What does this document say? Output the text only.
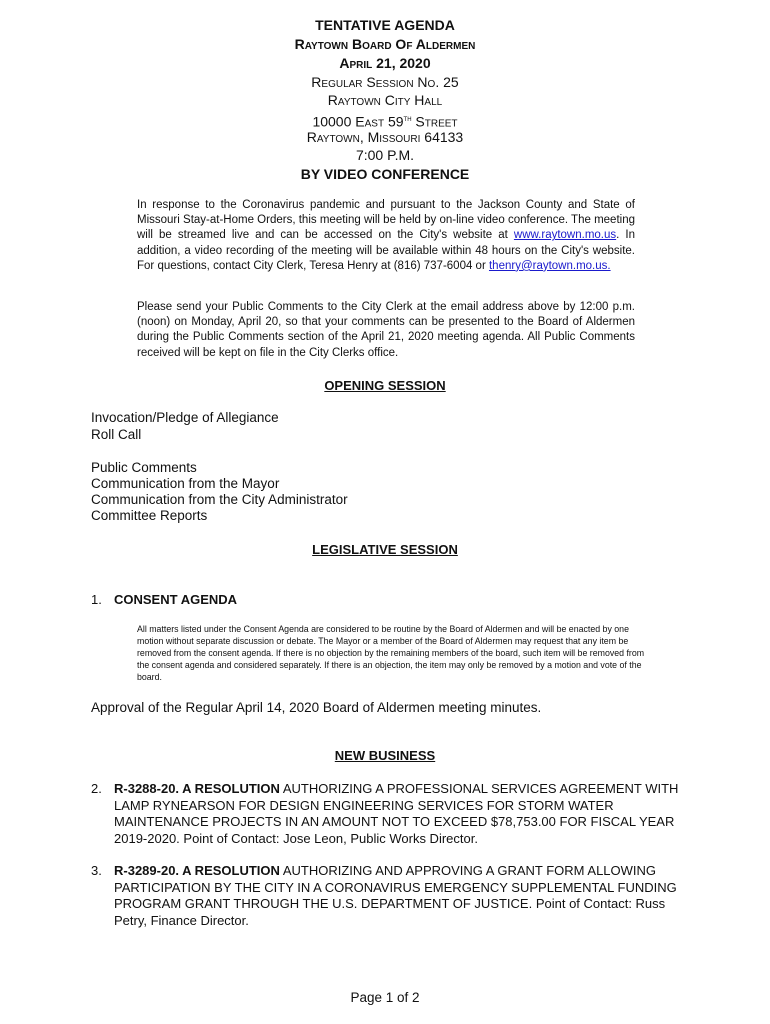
TENTATIVE AGENDA
Raytown Board Of Aldermen
April 21, 2020
Regular Session No. 25
Raytown City Hall
10000 East 59th Street
Raytown, Missouri 64133
7:00 P.M.
BY VIDEO CONFERENCE
In response to the Coronavirus pandemic and pursuant to the Jackson County and State of Missouri Stay-at-Home Orders, this meeting will be held by on-line video conference. The meeting will be streamed live and can be accessed on the City's website at www.raytown.mo.us. In addition, a video recording of the meeting will be available within 48 hours on the City's website. For questions, contact City Clerk, Teresa Henry at (816) 737-6004 or thenry@raytown.mo.us.
Please send your Public Comments to the City Clerk at the email address above by 12:00 p.m. (noon) on Monday, April 20, so that your comments can be presented to the Board of Aldermen during the Public Comments section of the April 21, 2020 meeting agenda. All Public Comments received will be kept on file in the City Clerks office.
OPENING SESSION
Invocation/Pledge of Allegiance
Roll Call
Public Comments
Communication from the Mayor
Communication from the City Administrator
Committee Reports
LEGISLATIVE SESSION
1. CONSENT AGENDA
All matters listed under the Consent Agenda are considered to be routine by the Board of Aldermen and will be enacted by one motion without separate discussion or debate. The Mayor or a member of the Board of Aldermen may request that any item be removed from the consent agenda. If there is no objection by the remaining members of the board, such item will be removed from the consent agenda and considered separately. If there is an objection, the item may only be removed by a motion and vote of the board.
Approval of the Regular April 14, 2020 Board of Aldermen meeting minutes.
NEW BUSINESS
2. R-3288-20. A RESOLUTION AUTHORIZING A PROFESSIONAL SERVICES AGREEMENT WITH LAMP RYNEARSON FOR DESIGN ENGINEERING SERVICES FOR STORM WATER MAINTENANCE PROJECTS IN AN AMOUNT NOT TO EXCEED $78,753.00 FOR FISCAL YEAR 2019-2020. Point of Contact: Jose Leon, Public Works Director.
3. R-3289-20. A RESOLUTION AUTHORIZING AND APPROVING A GRANT FORM ALLOWING PARTICIPATION BY THE CITY IN A CORONAVIRUS EMERGENCY SUPPLEMENTAL FUNDING PROGRAM GRANT THROUGH THE U.S. DEPARTMENT OF JUSTICE. Point of Contact: Russ Petry, Finance Director.
Page 1 of 2
